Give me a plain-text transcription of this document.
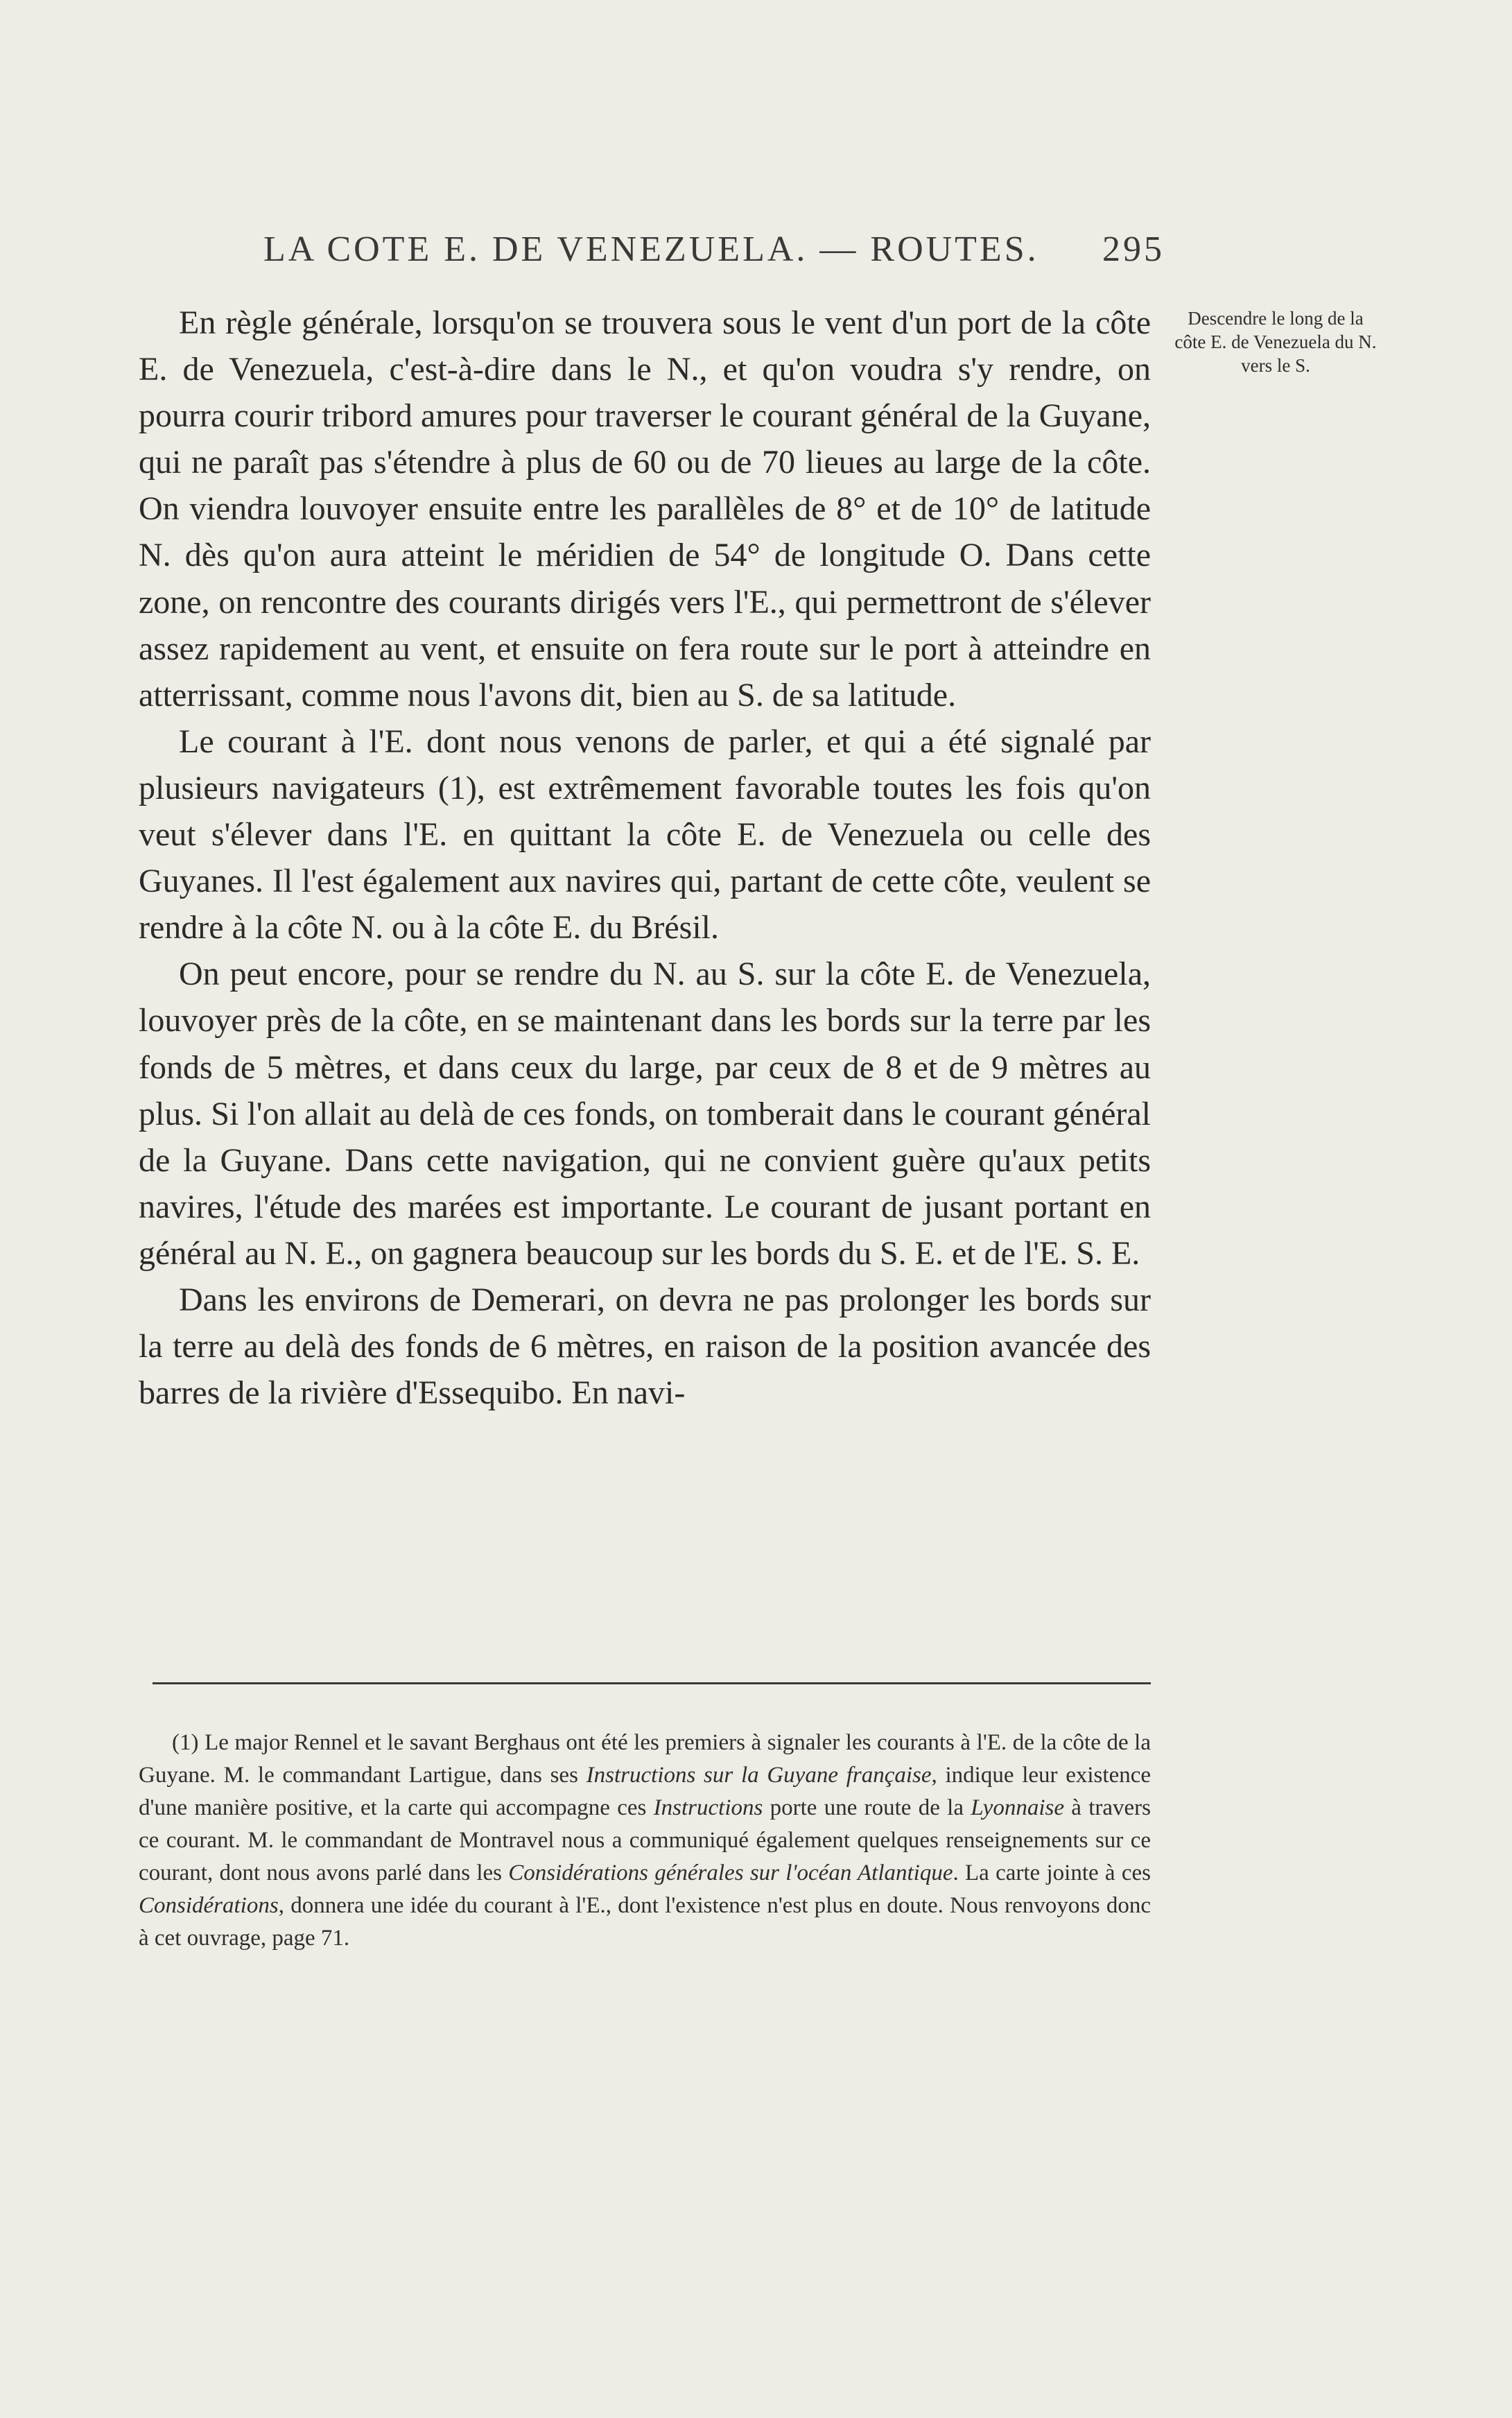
LA COTE E. DE VENEZUELA. — ROUTES. 295
Descendre le long de la côte E. de Venezuela du N. vers le S.

En règle générale, lorsqu'on se trouvera sous le vent d'un port de la côte E. de Venezuela, c'est-à-dire dans le N., et qu'on voudra s'y rendre, on pourra courir tribord amures pour traverser le courant général de la Guyane, qui ne paraît pas s'étendre à plus de 60 ou de 70 lieues au large de la côte. On viendra louvoyer ensuite entre les parallèles de 8° et de 10° de latitude N. dès qu'on aura atteint le méridien de 54° de longitude O. Dans cette zone, on rencontre des courants dirigés vers l'E., qui permettront de s'élever assez rapidement au vent, et ensuite on fera route sur le port à atteindre en atterrissant, comme nous l'avons dit, bien au S. de sa latitude.

Le courant à l'E. dont nous venons de parler, et qui a été signalé par plusieurs navigateurs (1), est extrêmement favorable toutes les fois qu'on veut s'élever dans l'E. en quittant la côte E. de Venezuela ou celle des Guyanes. Il l'est également aux navires qui, partant de cette côte, veulent se rendre à la côte N. ou à la côte E. du Brésil.

On peut encore, pour se rendre du N. au S. sur la côte E. de Venezuela, louvoyer près de la côte, en se maintenant dans les bords sur la terre par les fonds de 5 mètres, et dans ceux du large, par ceux de 8 et de 9 mètres au plus. Si l'on allait au delà de ces fonds, on tomberait dans le courant général de la Guyane. Dans cette navigation, qui ne convient guère qu'aux petits navires, l'étude des marées est importante. Le courant de jusant portant en général au N. E., on gagnera beaucoup sur les bords du S. E. et de l'E. S. E.

Dans les environs de Demerari, on devra ne pas prolonger les bords sur la terre au delà des fonds de 6 mètres, en raison de la position avancée des barres de la rivière d'Essequibo. En navi-

(1) Le major Rennel et le savant Berghaus ont été les premiers à signaler les courants à l'E. de la côte de la Guyane. M. le commandant Lartigue, dans ses Instructions sur la Guyane française, indique leur existence d'une manière positive, et la carte qui accompagne ces Instructions porte une route de la Lyonnaise à travers ce courant. M. le commandant de Montravel nous a communiqué également quelques renseignements sur ce courant, dont nous avons parlé dans les Considérations générales sur l'océan Atlantique. La carte jointe à ces Considérations, donnera une idée du courant à l'E., dont l'existence n'est plus en doute. Nous renvoyons donc à cet ouvrage, page 71.
